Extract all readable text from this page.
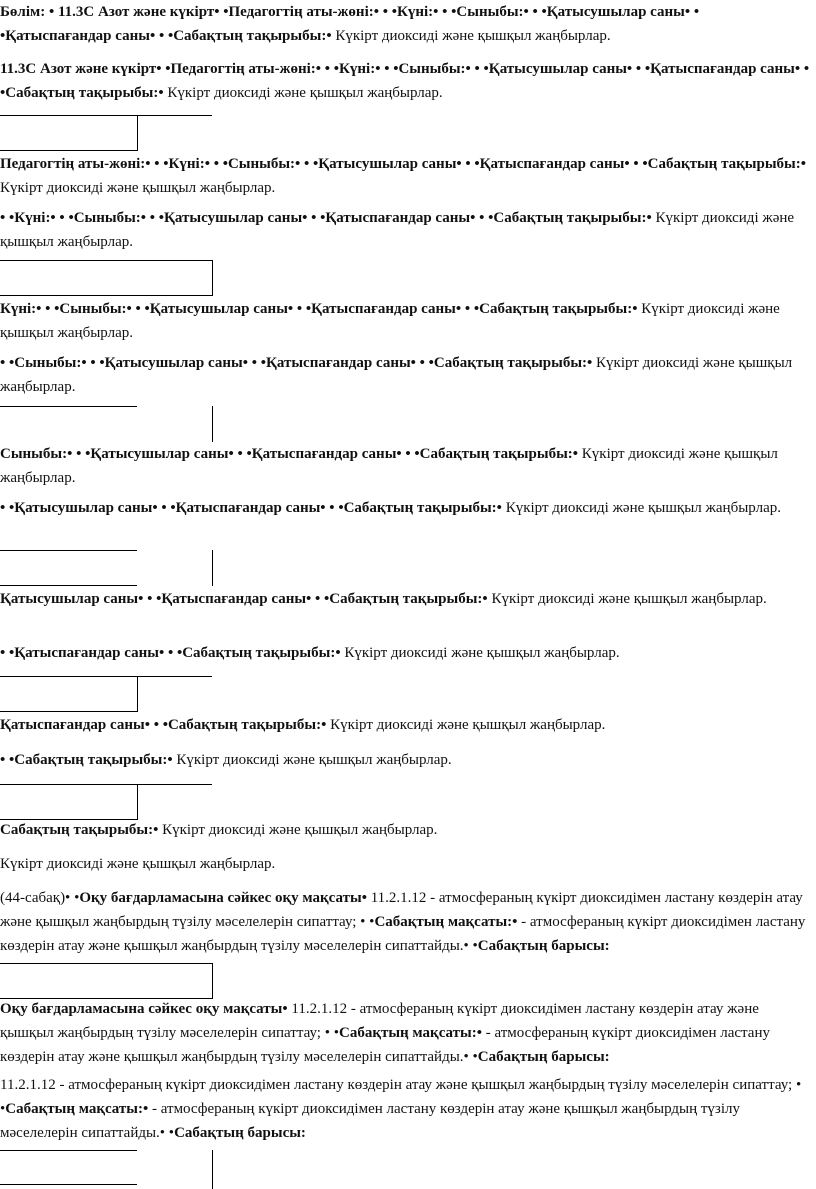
Бөлім: • 11.3С Азот және күкірт• •Педагогтің аты-жөні:• • •Күні:• • •Сыныбы:• • •Қатысушылар саны• • •Қатыспағандар саны• • •Сабақтың тақырыбы:• Күкірт диоксиді және қышқыл жаңбырлар.

11.3С Азот және күкірт• •Педагогтің аты-жөні:• • •Күні:• • •Сыныбы:• • •Қатысушылар саны• • •Қатыспағандар саны• • •Сабақтың тақырыбы:• Күкірт диоксиді және қышқыл жаңбырлар.

Педагогтің аты-жөні:• • •Күні:• • •Сыныбы:• • •Қатысушылар саны• • •Қатыспағандар саны• • •Сабақтың тақырыбы:• Күкірт диоксиді және қышқыл жаңбырлар.

• •Күні:• • •Сыныбы:• • •Қатысушылар саны• • •Қатыспағандар саны• • •Сабақтың тақырыбы:• Күкірт диоксиді және қышқыл жаңбырлар.

Күні:• • •Сыныбы:• • •Қатысушылар саны• • •Қатыспағандар саны• • •Сабақтың тақырыбы:• Күкірт диоксиді және қышқыл жаңбырлар.

• •Сыныбы:• • •Қатысушылар саны• • •Қатыспағандар саны• • •Сабақтың тақырыбы:• Күкірт диоксиді және қышқыл жаңбырлар.

Сыныбы:• • •Қатысушылар саны• • •Қатыспағандар саны• • •Сабақтың тақырыбы:• Күкірт диоксиді және қышқыл жаңбырлар.

• •Қатысушылар саны• • •Қатыспағандар саны• • •Сабақтың тақырыбы:• Күкірт диоксиді және қышқыл жаңбырлар.

Қатысушылар саны• • •Қатыспағандар саны• • •Сабақтың тақырыбы:• Күкірт диоксиді және қышқыл жаңбырлар.

• •Қатыспағандар саны• • •Сабақтың тақырыбы:• Күкірт диоксиді және қышқыл жаңбырлар.

Қатыспағандар саны• • •Сабақтың тақырыбы:• Күкірт диоксиді және қышқыл жаңбырлар.

• •Сабақтың тақырыбы:• Күкірт диоксиді және қышқыл жаңбырлар.

Сабақтың тақырыбы:• Күкірт диоксиді және қышқыл жаңбырлар.

Күкірт диоксиді және қышқыл жаңбырлар.

(44-сабақ)• •Оқу бағдарламасына сәйкес оқу мақсаты• 11.2.1.12 - атмосфераның күкірт диоксидімен ластану көздерін атау және қышқыл жаңбырдың түзілу мәселелерін сипаттау; • •Сабақтың мақсаты:• - атмосфераның күкірт диоксидімен ластану көздерін атау және қышқыл жаңбырдың түзілу мәселелерін сипаттайды.• •Сабақтың барысы:

Оқу бағдарламасына сәйкес оқу мақсаты• 11.2.1.12 - атмосфераның күкірт диоксидімен ластану көздерін атау және қышқыл жаңбырдың түзілу мәселелерін сипаттау; • •Сабақтың мақсаты:• - атмосфераның күкірт диоксидімен ластану көздерін атау және қышқыл жаңбырдың түзілу мәселелерін сипаттайды.• •Сабақтың барысы:

11.2.1.12 - атмосфераның күкірт диоксидімен ластану көздерін атау және қышқыл жаңбырдың түзілу мәселелерін сипаттау; • •Сабақтың мақсаты:• - атмосфераның күкірт диоксидімен ластану көздерін атау және қышқыл жаңбырдың түзілу мәселелерін сипаттайды.• •Сабақтың барысы:
